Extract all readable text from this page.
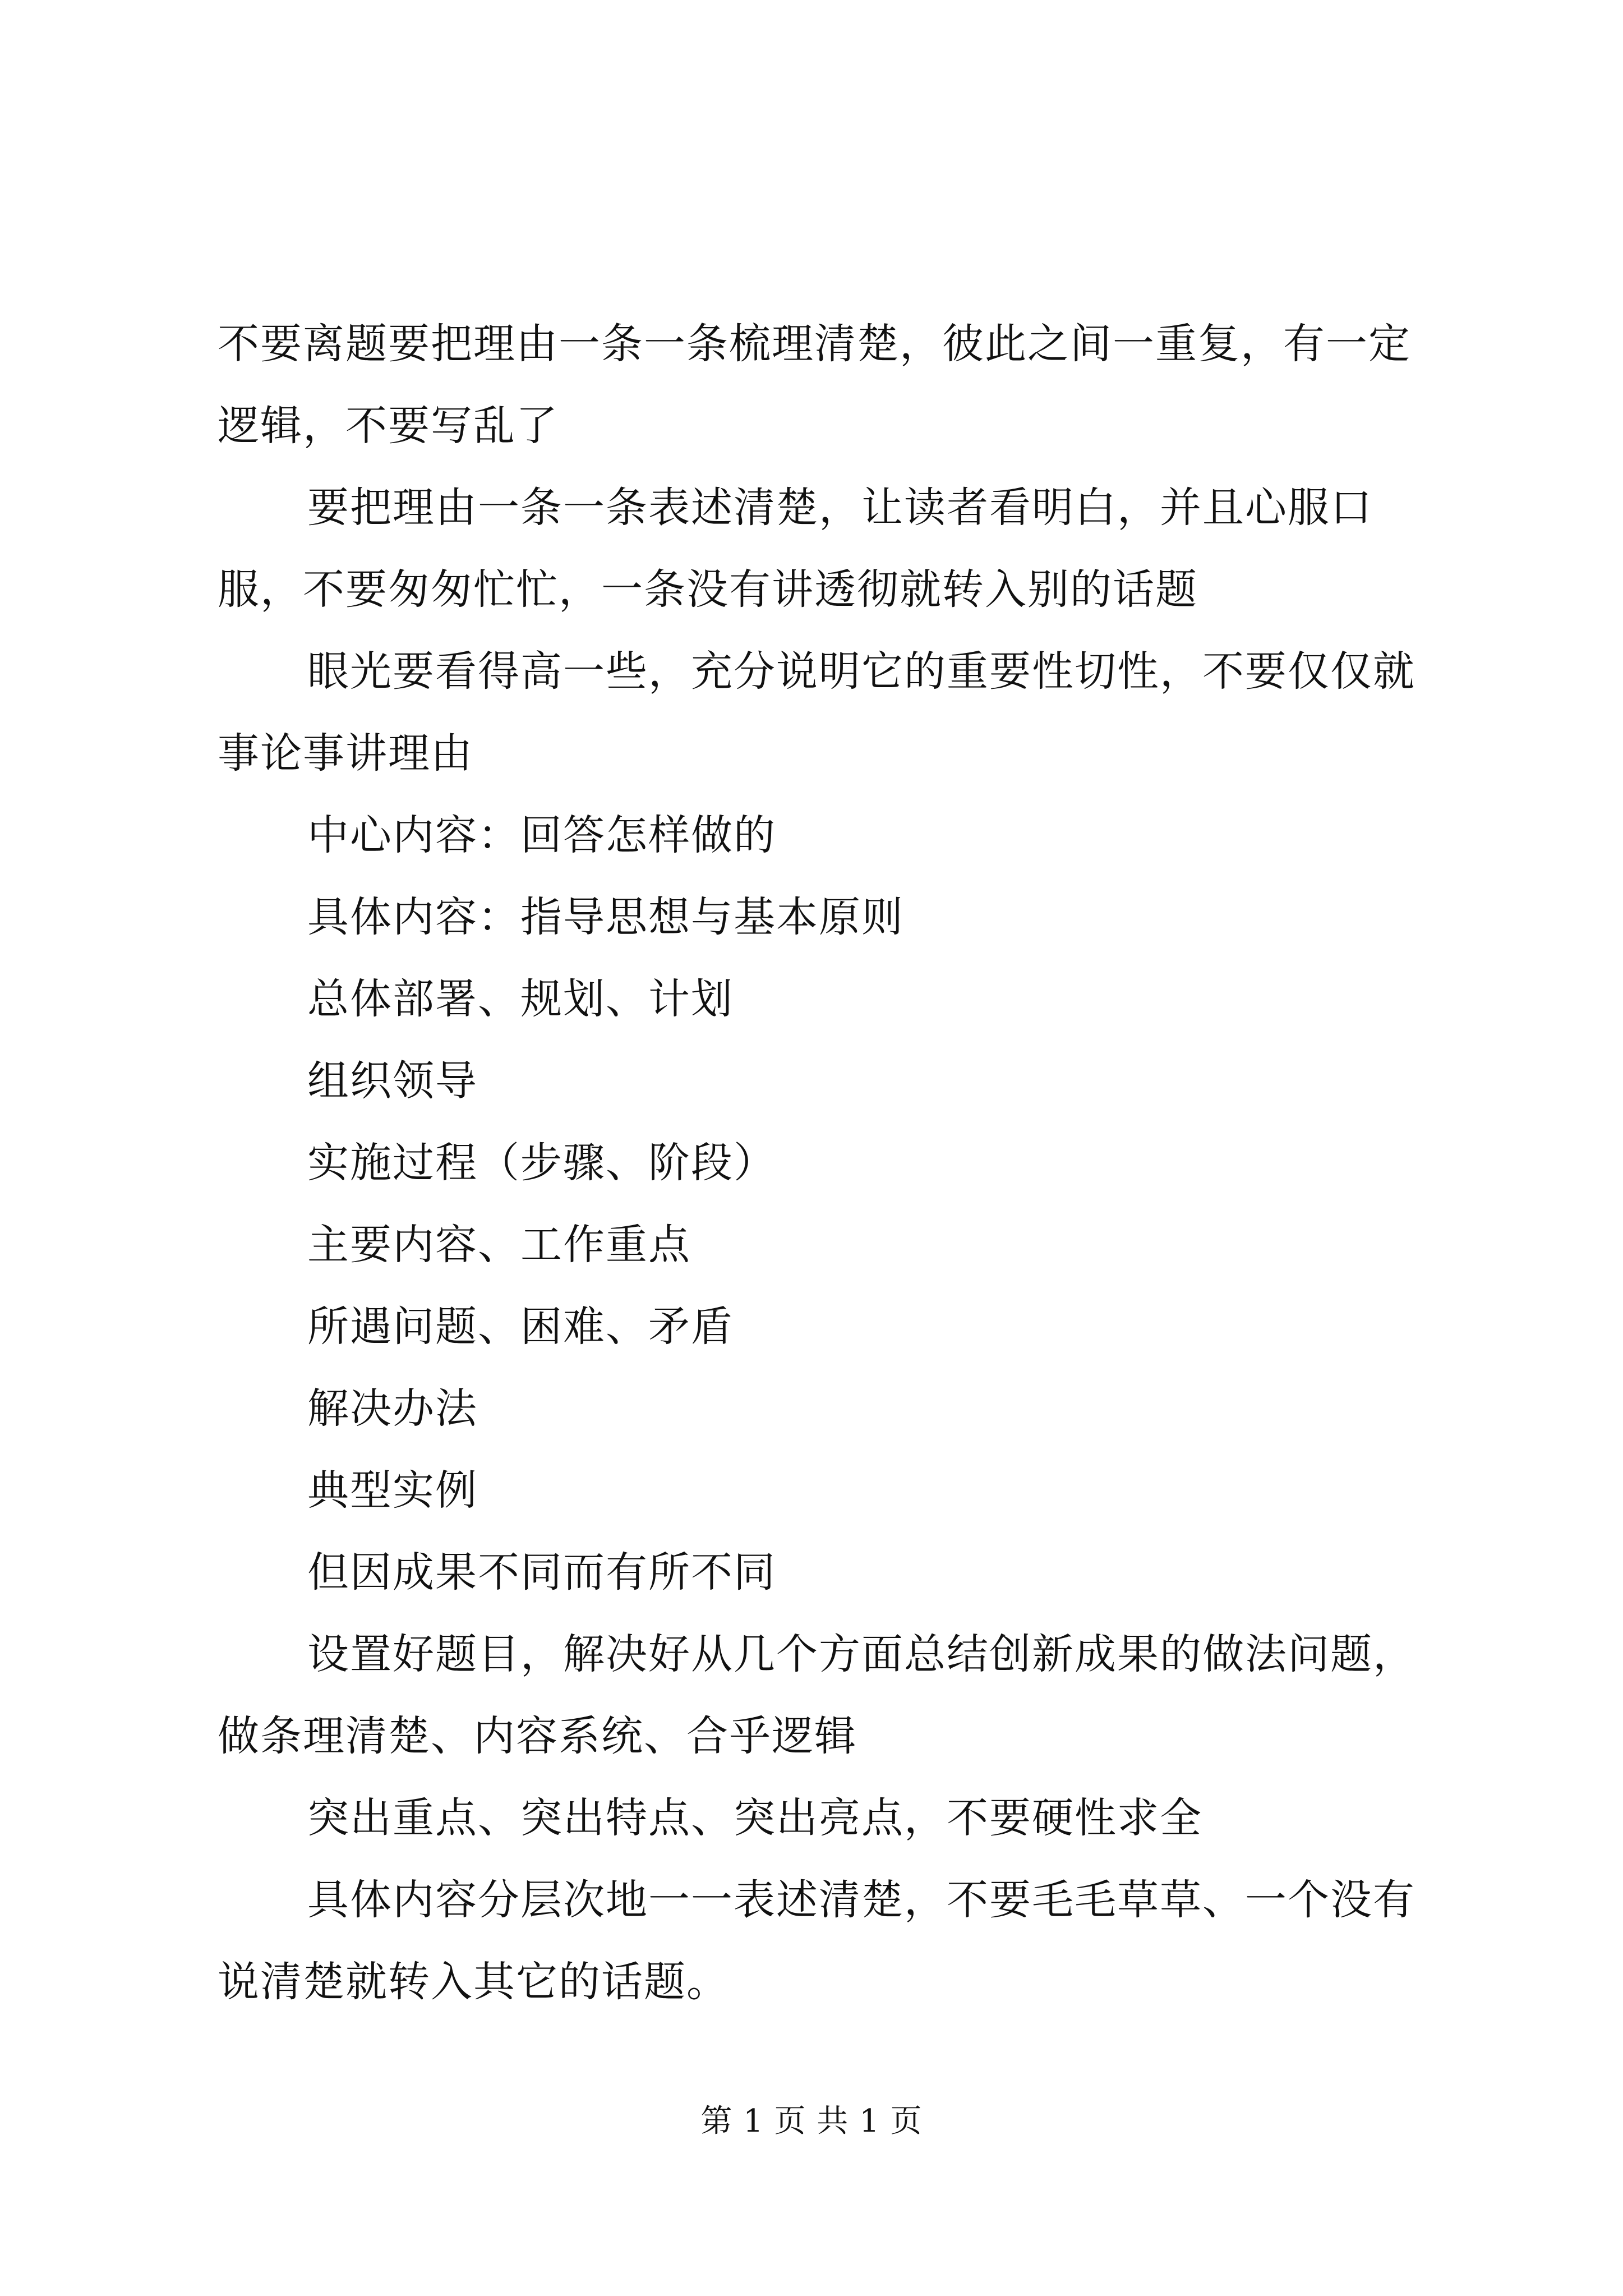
不要离题要把理由一条一条梳理清楚，彼此之间一重复，有一定逻辑，不要写乱了

要把理由一条一条表述清楚，让读者看明白，并且心服口服，不要匆匆忙忙，一条没有讲透彻就转入别的话题

眼光要看得高一些，充分说明它的重要性切性，不要仅仅就事论事讲理由

中心内容：回答怎样做的

具体内容：指导思想与基本原则

总体部署、规划、计划

组织领导

实施过程（步骤、阶段）

主要内容、工作重点

所遇问题、困难、矛盾

解决办法

典型实例

但因成果不同而有所不同

设置好题目，解决好从几个方面总结创新成果的做法问题，做条理清楚、内容系统、合乎逻辑

突出重点、突出特点、突出亮点，不要硬性求全

具体内容分层次地一一表述清楚，不要毛毛草草、一个没有说清楚就转入其它的话题。

第 1 页 共 1 页
